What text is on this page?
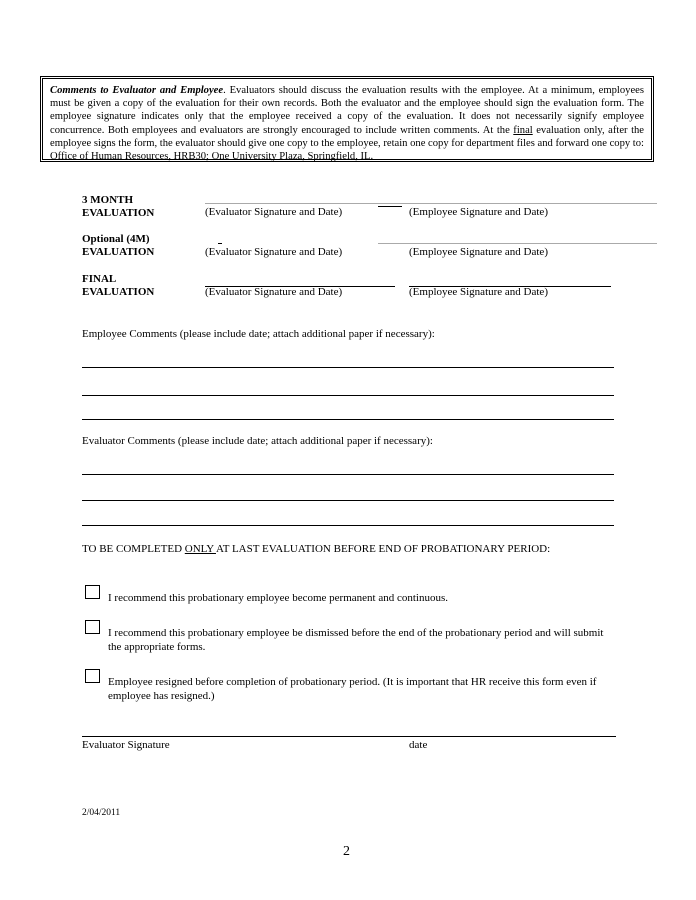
Comments to Evaluator and Employee. Evaluators should discuss the evaluation results with the employee. At a minimum, employees must be given a copy of the evaluation for their own records. Both the evaluator and the employee should sign the evaluation form. The employee signature indicates only that the employee received a copy of the evaluation. It does not necessarily signify employee concurrence. Both employees and evaluators are strongly encouraged to include written comments. At the final evaluation only, after the employee signs the form, the evaluator should give one copy to the employee, retain one copy for department files and forward one copy to: Office of Human Resources, HRB30; One University Plaza, Springfield, IL.
3 MONTH
EVALUATION	(Evaluator Signature and Date)	(Employee Signature and Date)
Optional (4M)
EVALUATION	(Evaluator Signature and Date)	(Employee Signature and Date)
FINAL
EVALUATION	(Evaluator Signature and Date)	(Employee Signature and Date)
Employee Comments (please include date; attach additional paper if necessary):
Evaluator Comments (please include date; attach additional paper if necessary):
TO BE COMPLETED ONLY AT LAST EVALUATION BEFORE END OF PROBATIONARY PERIOD:
I recommend this probationary employee become permanent and continuous.
I recommend this probationary employee be dismissed before the end of the probationary period and will submit the appropriate forms.
Employee resigned before completion of probationary period. (It is important that HR receive this form even if employee has resigned.)
Evaluator Signature	date
2/04/2011
2
